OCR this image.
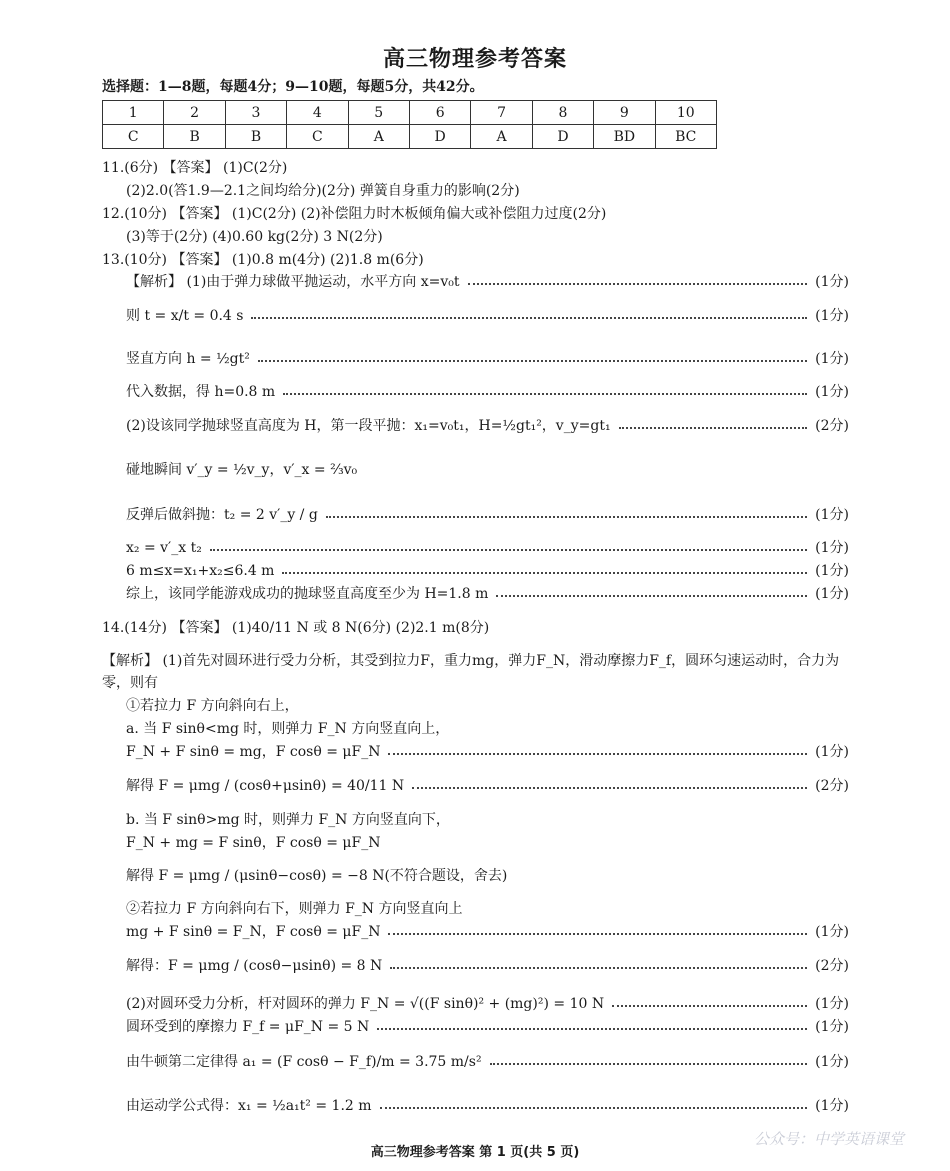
高三物理参考答案
选择题：1—8题，每题4分；9—10题，每题5分，共42分。
1	2	3	4	5	6	7	8	9	10
C	B	B	C	A	D	A	D	BD	BC
11.(6分) 【答案】 (1)C(2分)
(2)2.0(答1.9—2.1之间均给分)(2分) 弹簧自身重力的影响(2分)
12.(10分) 【答案】 (1)C(2分) (2)补偿阻力时木板倾角偏大或补偿阻力过度(2分)
(3)等于(2分) (4)0.60 kg(2分) 3 N(2分)
13.(10分) 【答案】 (1)0.8 m(4分) (2)1.8 m(6分)
【解析】 (1)由于弹力球做平抛运动，水平方向 x=v₀t	(1分)
则 t = x/t = 0.4 s	(1分)
竖直方向 h = ½gt²	(1分)
代入数据，得 h=0.8 m	(1分)
(2)设该同学抛球竖直高度为 H，第一段平抛：x₁=v₀t₁，H=½gt₁²，v_y=gt₁	(2分)
碰地瞬间 v′_y = ½v_y，v′_x = ⅔v₀
反弹后做斜抛：t₂ = 2 v′_y / g	(1分)
x₂ = v′_x t₂	(1分)
6 m≤x=x₁+x₂≤6.4 m	(1分)
综上，该同学能游戏成功的抛球竖直高度至少为 H=1.8 m	(1分)
14.(14分) 【答案】 (1)40/11 N 或 8 N(6分) (2)2.1 m(8分)
【解析】 (1)首先对圆环进行受力分析，其受到拉力F，重力mg，弹力F_N，滑动摩擦力F_f，圆环匀速运动时，合力为零，则有
①若拉力 F 方向斜向右上，
a. 当 F sinθ<mg 时，则弹力 F_N 方向竖直向上，
F_N + F sinθ = mg，F cosθ = μF_N	(1分)
解得 F = μmg / (cosθ+μsinθ) = 40/11 N	(2分)
b. 当 F sinθ>mg 时，则弹力 F_N 方向竖直向下，
F_N + mg = F sinθ，F cosθ = μF_N
解得 F = μmg / (μsinθ−cosθ) = −8 N(不符合题设，舍去)
②若拉力 F 方向斜向右下，则弹力 F_N 方向竖直向上
mg + F sinθ = F_N，F cosθ = μF_N	(1分)
解得：F = μmg / (cosθ−μsinθ) = 8 N	(2分)
(2)对圆环受力分析，杆对圆环的弹力 F_N = √((F sinθ)² + (mg)²) = 10 N	(1分)
圆环受到的摩擦力 F_f = μF_N = 5 N	(1分)
由牛顿第二定律得 a₁ = (F cosθ − F_f)/m = 3.75 m/s²	(1分)
由运动学公式得：x₁ = ½a₁t² = 1.2 m	(1分)
高三物理参考答案 第 1 页(共 5 页)
公众号：中学英语课堂
